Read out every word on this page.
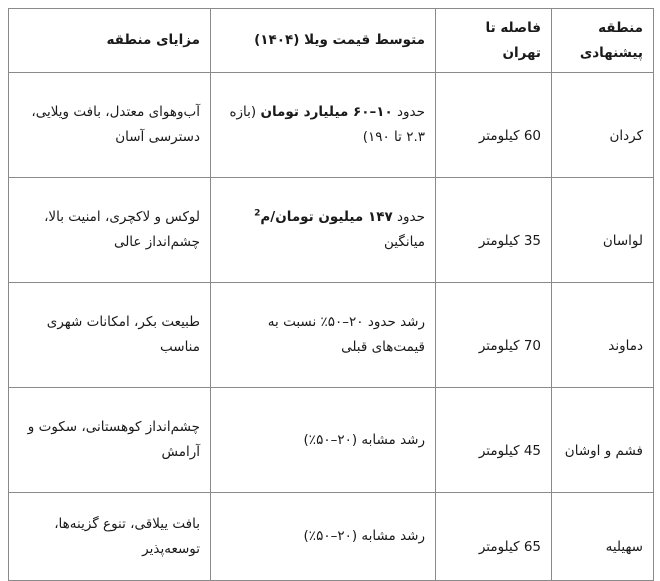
منطقه پیشنهادی	فاصله تا تهران	متوسط قیمت ویلا (۱۴۰۴)	مزایای منطقه
کردان	60 کیلومتر	حدود ۱۰–۶۰ میلیارد تومان (بازه ۲.۳ تا ۱۹۰)	آب‌وهوای معتدل، بافت ویلایی، دسترسی آسان
لواسان	35 کیلومتر	حدود ۱۴۷ میلیون تومان/م$^2$ میانگین	لوکس و لاکچری، امنیت بالا، چشم‌انداز عالی
دماوند	70 کیلومتر	رشد حدود ۲۰–۵۰٪ نسبت به قیمت‌های قبلی	طبیعت بکر، امکانات شهری مناسب
فشم و اوشان	45 کیلومتر	رشد مشابه (۲۰–۵۰٪)	چشم‌انداز کوهستانی، سکوت و آرامش
سهیلیه	65 کیلومتر	رشد مشابه (۲۰–۵۰٪)	بافت ییلاقی، تنوع گزینه‌ها، توسعه‌پذیر
